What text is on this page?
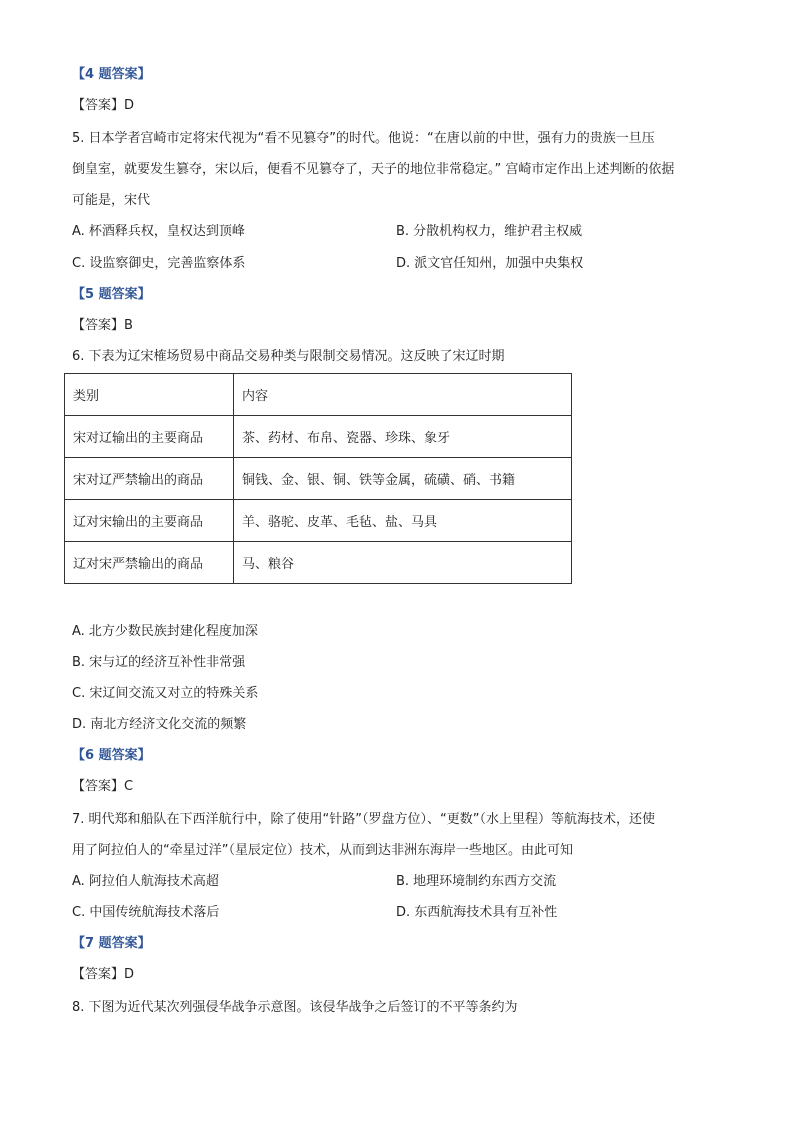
【4 题答案】
【答案】D
5. 日本学者宫崎市定将宋代视为“看不见篡夺”的时代。他说：“在唐以前的中世，强有力的贵族一旦压
倒皇室，就要发生篡夺，宋以后，便看不见篡夺了，天子的地位非常稳定。” 宫崎市定作出上述判断的依据
可能是，宋代
A. 杯酒释兵权，皇权达到顶峰	B. 分散机构权力，维护君主权威
C. 设监察御史，完善监察体系	D. 派文官任知州，加强中央集权
【5 题答案】
【答案】B
6. 下表为辽宋榷场贸易中商品交易种类与限制交易情况。这反映了宋辽时期
类别	内容
宋对辽输出的主要商品	茶、药材、布帛、瓷器、珍珠、象牙
宋对辽严禁输出的商品	铜钱、金、银、铜、铁等金属，硫磺、硝、书籍
辽对宋输出的主要商品	羊、骆驼、皮革、毛毡、盐、马具
辽对宋严禁输出的商品	马、粮谷
A. 北方少数民族封建化程度加深
B. 宋与辽的经济互补性非常强
C. 宋辽间交流又对立的特殊关系
D. 南北方经济文化交流的频繁
【6 题答案】
【答案】C
7. 明代郑和船队在下西洋航行中，除了使用“针路”（罗盘方位）、“更数”（水上里程）等航海技术，还使
用了阿拉伯人的“牵星过洋”（星辰定位）技术，从而到达非洲东海岸一些地区。由此可知
A. 阿拉伯人航海技术高超	B. 地理环境制约东西方交流
C. 中国传统航海技术落后	D. 东西航海技术具有互补性
【7 题答案】
【答案】D
8. 下图为近代某次列强侵华战争示意图。该侵华战争之后签订的不平等条约为
